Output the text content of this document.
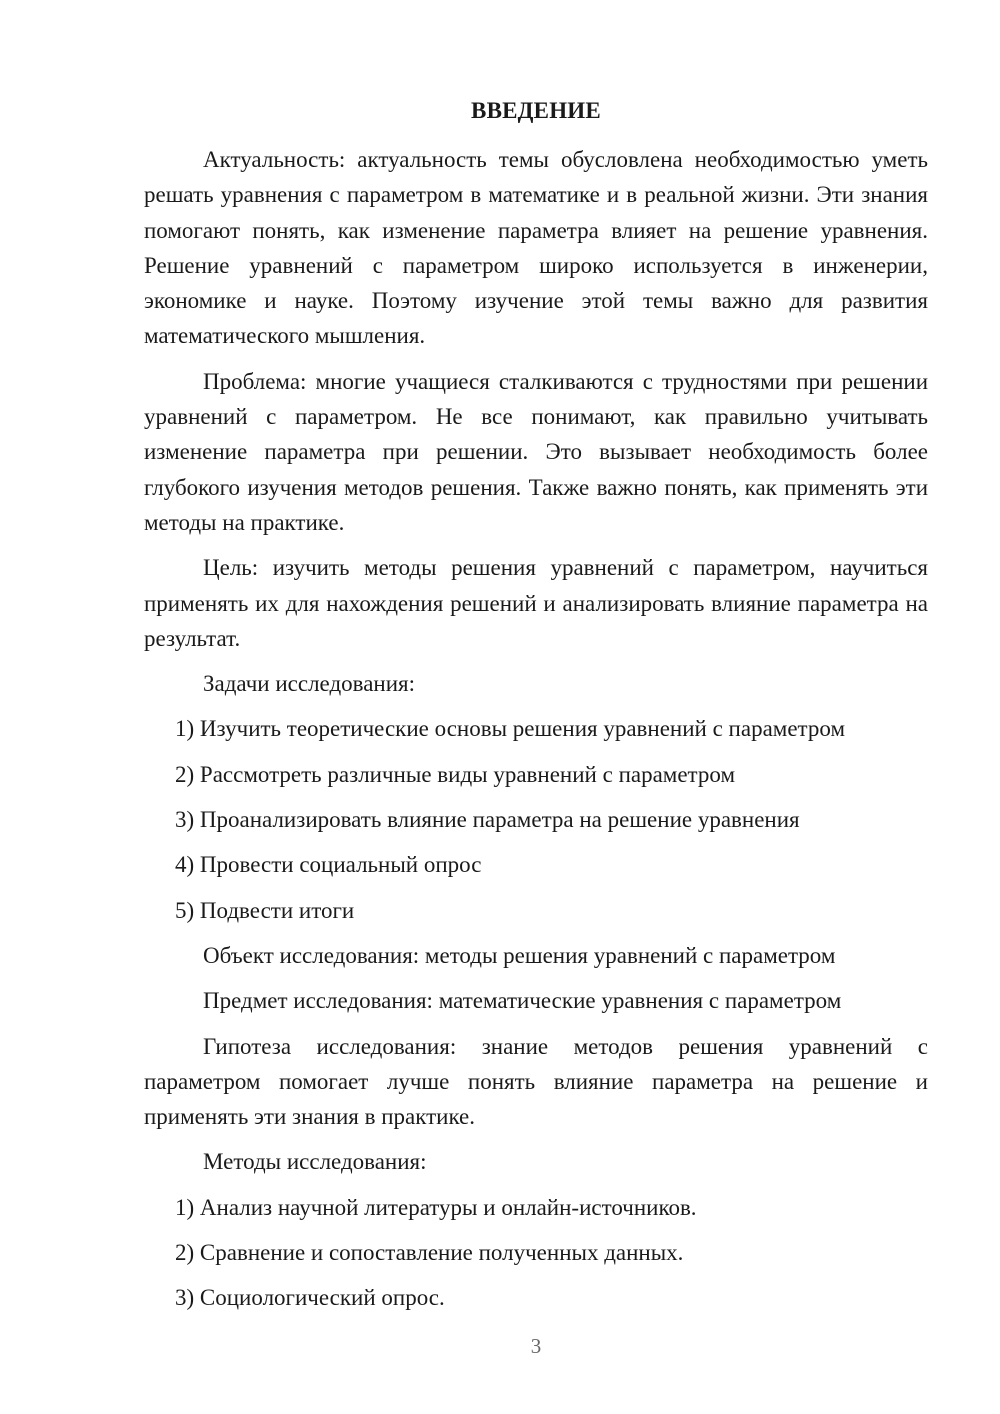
ВВЕДЕНИЕ

Актуальность: актуальность темы обусловлена необходимостью уметь решать уравнения с параметром в математике и в реальной жизни. Эти знания помогают понять, как изменение параметра влияет на решение уравнения. Решение уравнений с параметром широко используется в инженерии, экономике и науке. Поэтому изучение этой темы важно для развития математического мышления.

Проблема: многие учащиеся сталкиваются с трудностями при решении уравнений с параметром. Не все понимают, как правильно учитывать изменение параметра при решении. Это вызывает необходимость более глубокого изучения методов решения. Также важно понять, как применять эти методы на практике.

Цель: изучить методы решения уравнений с параметром, научиться применять их для нахождения решений и анализировать влияние параметра на результат.

Задачи исследования:

1) Изучить теоретические основы решения уравнений с параметром

2) Рассмотреть различные виды уравнений с параметром

3) Проанализировать влияние параметра на решение уравнения

4) Провести социальный опрос

5) Подвести итоги

Объект исследования: методы решения уравнений с параметром

Предмет исследования: математические уравнения с параметром

Гипотеза исследования: знание методов решения уравнений с параметром помогает лучше понять влияние параметра на решение и применять эти знания в практике.

Методы исследования:

1) Анализ научной литературы и онлайн-источников.

2) Сравнение и сопоставление полученных данных.

3) Социологический опрос.

3
